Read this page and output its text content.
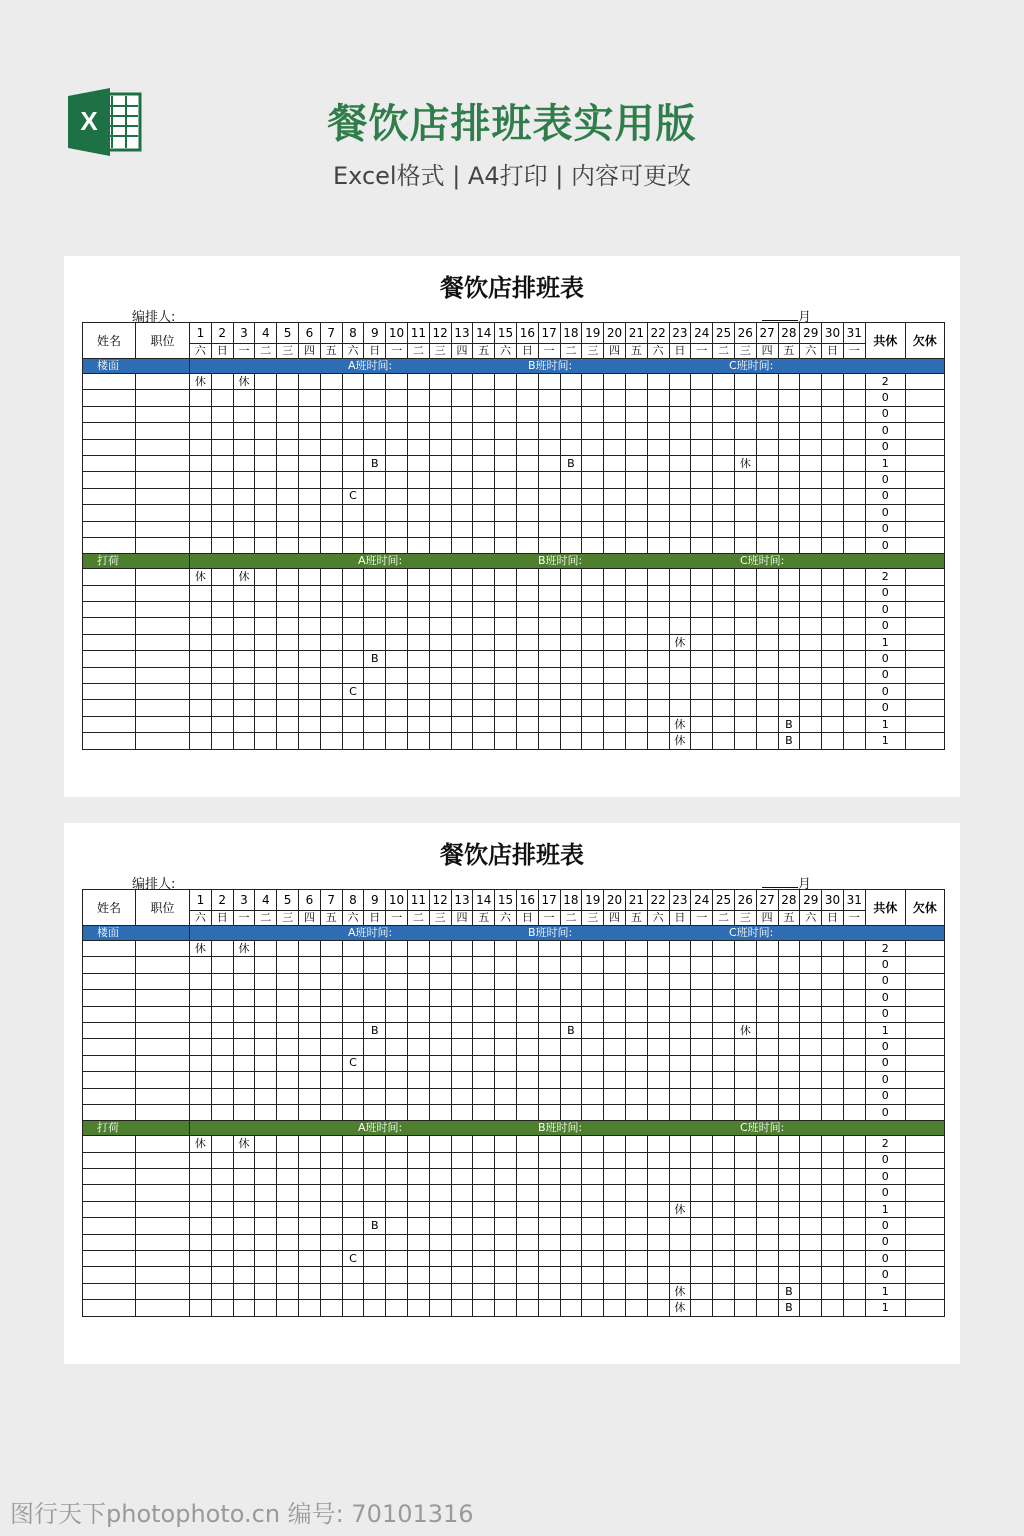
X	餐饮店排班表实用版
Excel格式 | A4打印 | 内容可更改
餐饮店排班表
编排人:	月
姓名	职位	1	2	3	4	5	6	7	8	9	10	11	12	13	14	15	16	17	18	19	20	21	22	23	24	25	26	27	28	29	30	31	共休	欠休
		六	日	一	二	三	四	五	六	日	一	二	三	四	五	六	日	一	二	三	四	五	六	日	一	二	三	四	五	六	日	一		
楼面		A班时间: B班时间: C班时间:																																

		休		休																													2	
																																	0	
																																	0	
																																	0	
																																	0	
										B									B								休						1	
																																	0	
									C																								0	
																																	0	
																																	0	
																																	0	
打荷		A班时间: B班时间: C班时间:																																

		休		休																													2	
																																	0	
																																	0	
																																	0	
																								休									1	
										B																							0	
																																	0	
									C																								0	
																																	0	
																								休					B				1	
																								休					B				1	
餐饮店排班表
编排人:	月
姓名	职位	1	2	3	4	5	6	7	8	9	10	11	12	13	14	15	16	17	18	19	20	21	22	23	24	25	26	27	28	29	30	31	共休	欠休
		六	日	一	二	三	四	五	六	日	一	二	三	四	五	六	日	一	二	三	四	五	六	日	一	二	三	四	五	六	日	一		
楼面		A班时间: B班时间: C班时间:																																

		休		休																													2	
																																	0	
																																	0	
																																	0	
																																	0	
										B									B								休						1	
																																	0	
									C																								0	
																																	0	
																																	0	
																																	0	
打荷		A班时间: B班时间: C班时间:																																

		休		休																													2	
																																	0	
																																	0	
																																	0	
																								休									1	
										B																							0	
																																	0	
									C																								0	
																																	0	
																								休					B				1	
																								休					B				1	
图行天下photophoto.cn 编号: 70101316
